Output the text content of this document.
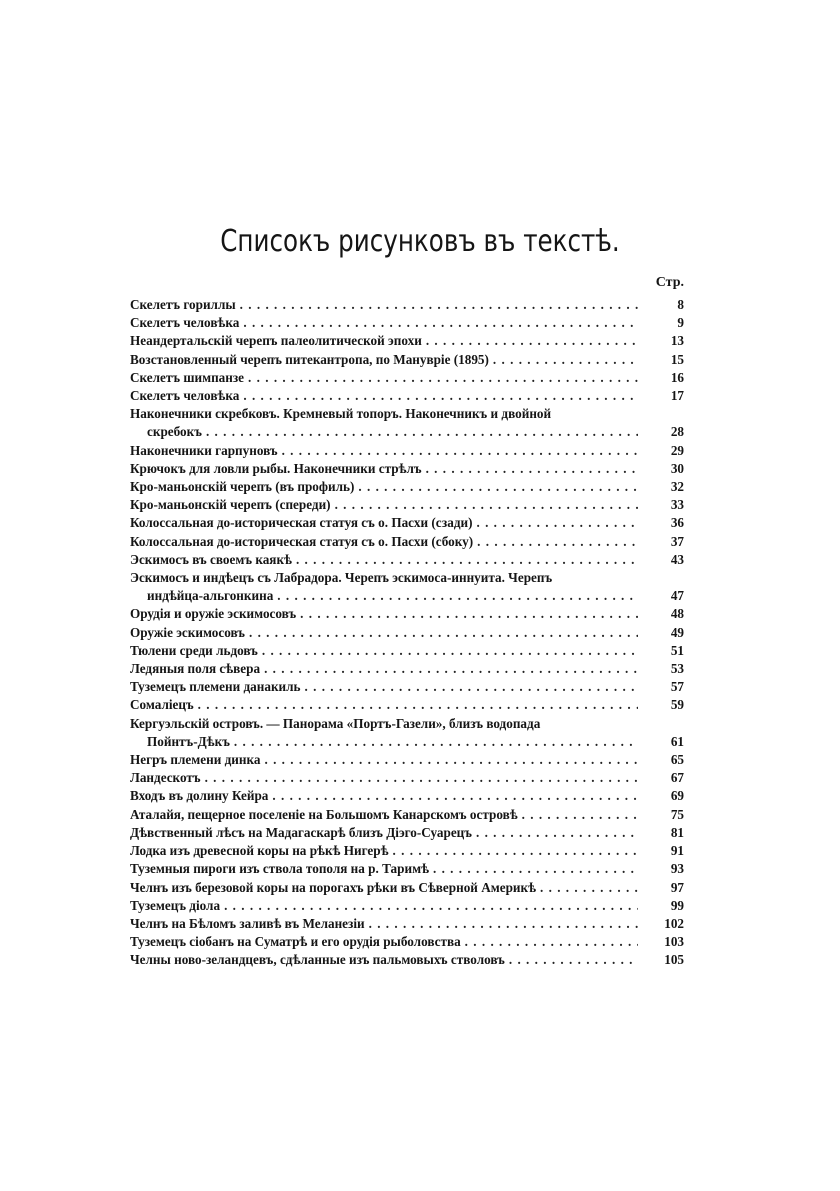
Списокъ рисунковъ въ текстѣ.
Стр.
Скелетъ гориллы . . .	8
Скелетъ человѣка . . .	9
Неандертальскій черепъ палеолитической эпохи . . .	13
Возстановленный черепъ питекантропа, по Манувріе (1895) . . .	15
Скелетъ шимпанзе . . .	16
Скелетъ человѣка . . .	17
Наконечники скребковъ. Кремневый топоръ. Наконечникъ и двойной
скребокъ . . .	28
Наконечники гарпуновъ . . .	29
Крючокъ для ловли рыбы. Наконечники стрѣлъ . . .	30
Кро-маньонскій черепъ (въ профиль) . . .	32
Кро-маньонскій черепъ (спереди) . . .	33
Колоссальная до-историческая статуя съ о. Пасхи (сзади) . . .	36
Колоссальная до-историческая статуя съ о. Пасхи (сбоку) . . .	37
Эскимосъ въ своемъ каякѣ . . .	43
Эскимосъ и индѣецъ съ Лабрадора. Черепъ эскимоса-иннуита. Черепъ
индѣйца-альгонкина . . .	47
Орудія и оружіе эскимосовъ . . .	48
Оружіе эскимосовъ . . .	49
Тюлени среди льдовъ . . .	51
Ледяныя поля сѣвера . . .	53
Туземецъ племени данакиль . . .	57
Сомаліецъ . . .	59
Кергуэльскій островъ. — Панорама «Портъ-Газели», близъ водопада
Пойнтъ-Дѣкъ . . .	61
Негръ племени динка . . .	65
Ландескотъ . . .	67
Входъ въ долину Кейра . . .	69
Аталайя, пещерное поселеніе на Большомъ Канарскомъ островѣ . . .	75
Дѣвственный лѣсъ на Мадагаскарѣ близъ Діэго-Суарецъ . . .	81
Лодка изъ древесной коры на рѣкѣ Нигерѣ . . .	91
Туземныя пироги изъ ствола тополя на р. Таримѣ . . .	93
Челнъ изъ березовой коры на порогахъ рѣки въ Сѣверной Америкѣ . . .	97
Туземецъ діола . . .	99
Челнъ на Бѣломъ заливѣ въ Меланезіи . . .	102
Туземецъ сіобанъ на Суматрѣ и его орудія рыболовства . . .	103
Челны ново-зеландцевъ, сдѣланные изъ пальмовыхъ стволовъ . . .	105
